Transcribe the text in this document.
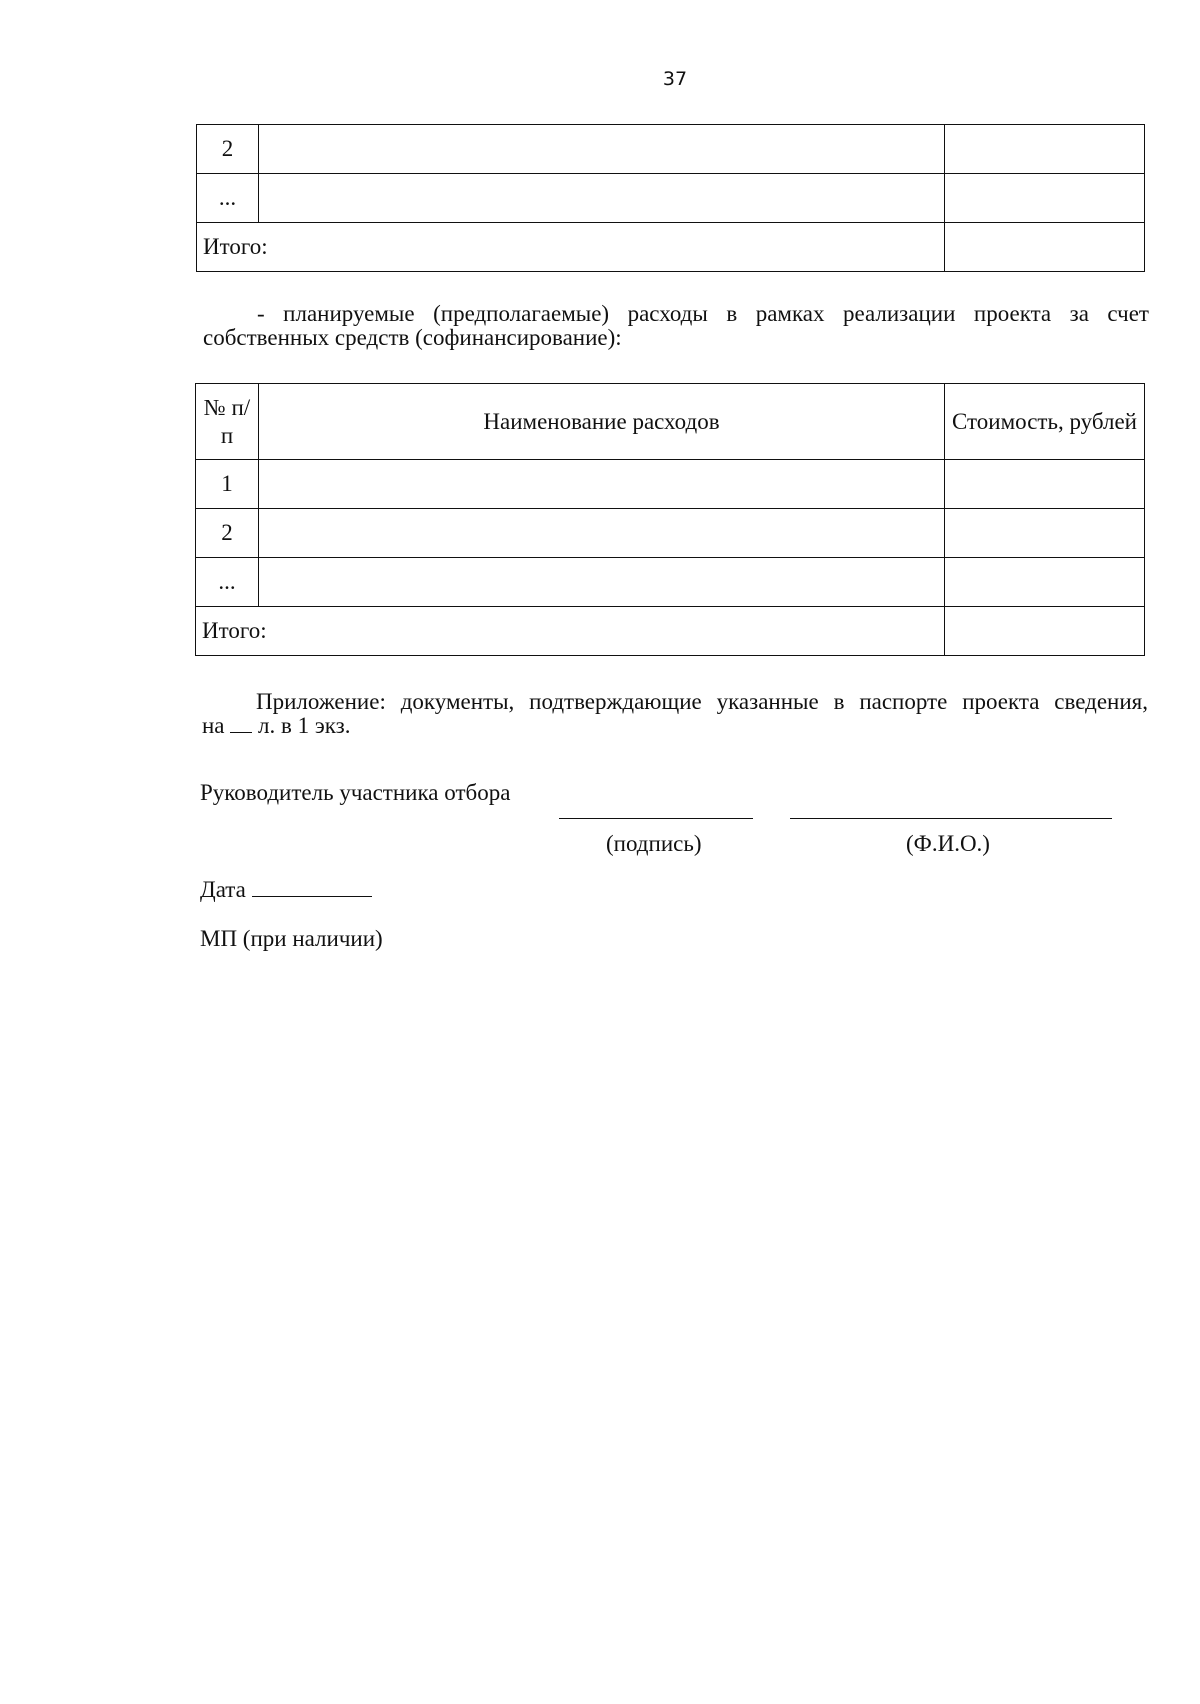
37
2		
...		
Итого:		
- планируемые (предполагаемые) расходы в рамках реализации проекта за счет
собственных средств (софинансирование):
№ п/п	Наименование расходов	Стоимость, рублей
1		
2		
...		
Итого:		
Приложение: документы, подтверждающие указанные в паспорте проекта сведения,
на л. в 1 экз.
Руководитель участника отбора
(подпись)	(Ф.И.О.)
Дата
МП (при наличии)
